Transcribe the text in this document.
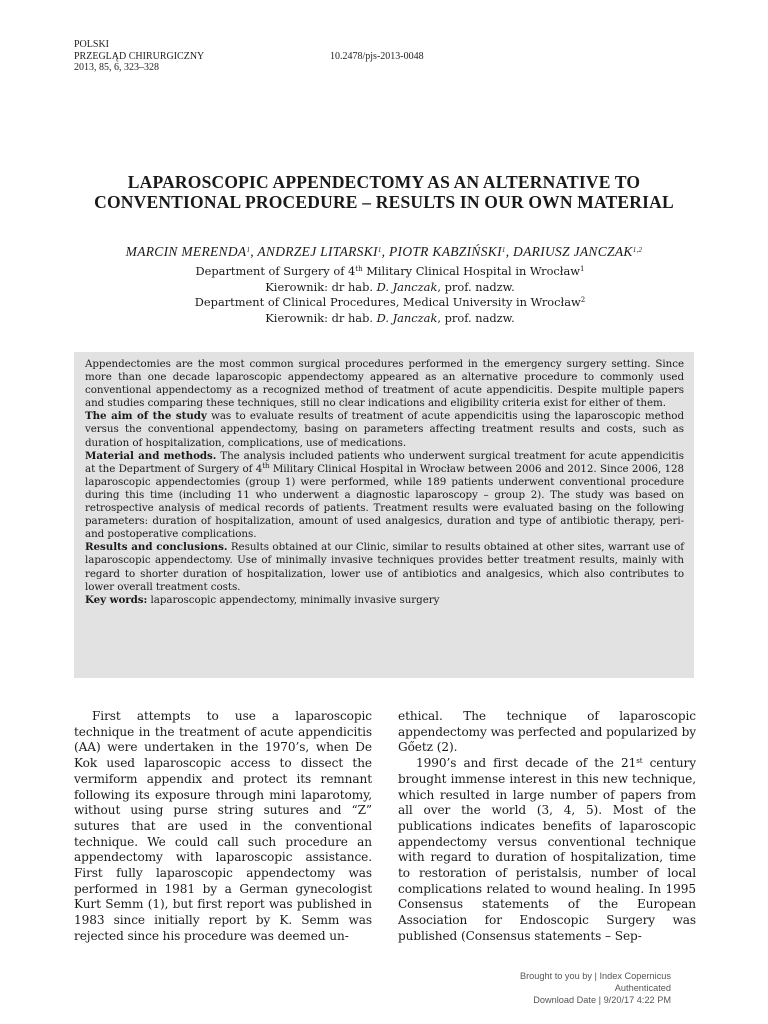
POLSKI
PRZEGLĄD CHIRURGICZNY
2013, 85, 6, 323–328
10.2478/pjs-2013-0048
LAPAROSCOPIC APPENDECTOMY AS AN ALTERNATIVE TO
CONVENTIONAL PROCEDURE – RESULTS IN OUR OWN MATERIAL
MARCIN MERENDA$^1$, ANDRZEJ LITARSKI$^1$, PIOTR KABZIŃSKI$^1$, DARIUSZ JANCZAK$^{1,2}$
Department of Surgery of 4th Military Clinical Hospital in Wrocław$^1$
Kierownik: dr hab. D. Janczak, prof. nadzw.
Department of Clinical Procedures, Medical University in Wrocław$^2$
Kierownik: dr hab. D. Janczak, prof. nadzw.

Appendectomies are the most common surgical procedures performed in the emergency surgery setting. Since more than one decade laparoscopic appendectomy appeared as an alternative procedure to commonly used conventional appendectomy as a recognized method of treatment of acute appendicitis. Despite multiple papers and studies comparing these techniques, still no clear indications and eligibility criteria exist for either of them.

The aim of the study was to evaluate results of treatment of acute appendicitis using the laparoscopic method versus the conventional appendectomy, basing on parameters affecting treatment results and costs, such as duration of hospitalization, complications, use of medications.

Material and methods. The analysis included patients who underwent surgical treatment for acute appendicitis at the Department of Surgery of 4th Military Clinical Hospital in Wrocław between 2006 and 2012. Since 2006, 128 laparoscopic appendectomies (group 1) were performed, while 189 patients underwent conventional procedure during this time (including 11 who underwent a diagnostic laparoscopy – group 2). The study was based on retrospective analysis of medical records of patients. Treatment results were evaluated basing on the following parameters: duration of hospitalization, amount of used analgesics, duration and type of antibiotic therapy, peri- and postoperative complications.

Results and conclusions. Results obtained at our Clinic, similar to results obtained at other sites, warrant use of laparoscopic appendectomy. Use of minimally invasive techniques provides better treatment results, mainly with regard to shorter duration of hospitalization, lower use of antibiotics and analgesics, which also contributes to lower overall treatment costs.

Key words: laparoscopic appendectomy, minimally invasive surgery

First attempts to use a laparoscopic technique in the treatment of acute appendicitis (AA) were undertaken in the 1970’s, when De Kok used laparoscopic access to dissect the vermiform appendix and protect its remnant following its exposure through mini laparotomy, without using purse string sutures and “Z” sutures that are used in the conventional technique. We could call such procedure an appendectomy with laparoscopic assistance. First fully laparoscopic appendectomy was performed in 1981 by a German gynecologist Kurt Semm (1), but first report was published in 1983 since initially report by K. Semm was rejected since his procedure was deemed un-

ethical. The technique of laparoscopic appendectomy was perfected and popularized by Gőetz (2).

1990’s and first decade of the 21st century brought immense interest in this new technique, which resulted in large number of papers from all over the world (3, 4, 5). Most of the publications indicates benefits of laparoscopic appendectomy versus conventional technique with regard to duration of hospitalization, time to restoration of peristalsis, number of local complications related to wound healing. In 1995 Consensus statements of the European Association for Endoscopic Surgery was published (Consensus statements – Sep-

Brought to you by | Index Copernicus
Authenticated
Download Date | 9/20/17 4:22 PM
